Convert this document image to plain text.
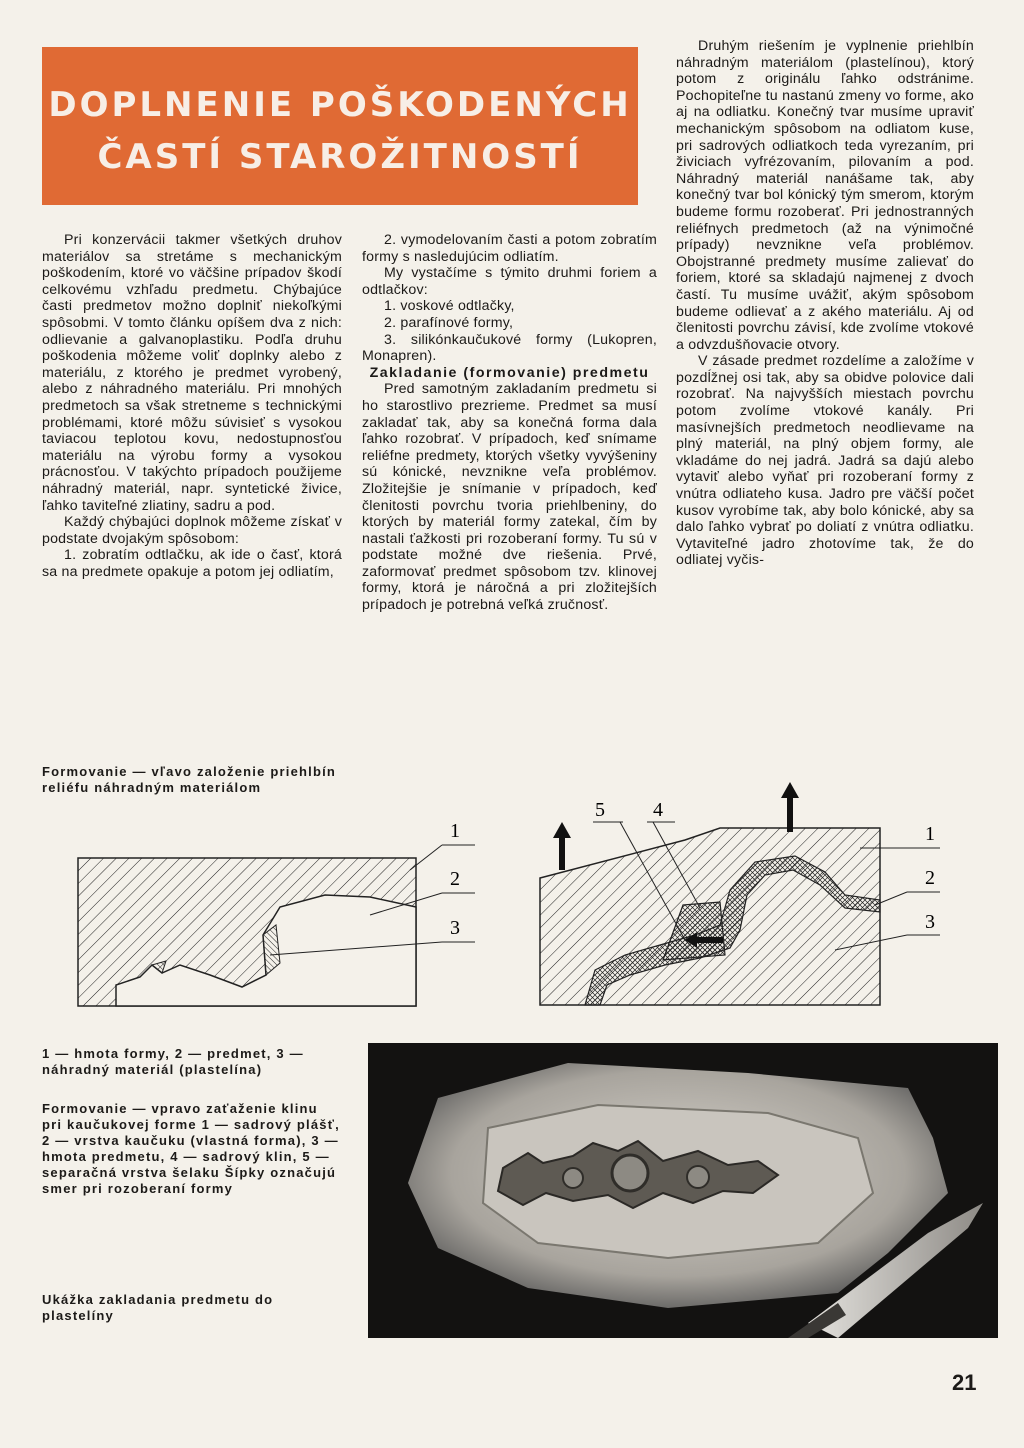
DOPLNENIE POŠKODENÝCH
ČASTÍ STAROŽITNOSTÍ

Pri konzervácii takmer všetkých druhov materiálov sa stretáme s mechanickým poškodením, ktoré vo väčšine prípadov škodí celkovému vzhľadu predmetu. Chýbajúce časti predmetov možno doplniť niekoľkými spôsobmi. V tomto článku opíšem dva z nich: odlievanie a galvanoplastiku. Podľa druhu poškodenia môžeme voliť doplnky alebo z materiálu, z ktorého je predmet vyrobený, alebo z náhradného materiálu. Pri mnohých predmetoch sa však stretneme s technickými problémami, ktoré môžu súvisieť s vysokou taviacou teplotou kovu, nedostupnosťou materiálu na výrobu formy a vysokou prácnosťou. V takýchto prípadoch použijeme náhradný materiál, napr. syntetické živice, ľahko taviteľné zliatiny, sadru a pod.

Každý chýbajúci doplnok môžeme získať v podstate dvojakým spôsobom:

1. zobratím odtlačku, ak ide o časť, ktorá sa na predmete opakuje a potom jej odliatím,

2. vymodelovaním časti a potom zobratím formy s nasledujúcim odliatím.

My vystačíme s týmito druhmi foriem a odtlačkov:

1. voskové odtlačky,

2. parafínové formy,

3. silikónkaučukové formy (Lukopren, Monapren).

Zakladanie (formovanie) predmetu

Pred samotným zakladaním predmetu si ho starostlivo prezrieme. Predmet sa musí zakladať tak, aby sa konečná forma dala ľahko rozobrať. V prípadoch, keď snímame reliéfne predmety, ktorých všetky vyvýšeniny sú kónické, nevznikne veľa problémov. Zložitejšie je snímanie v prípadoch, keď členitosti povrchu tvoria priehlbeniny, do ktorých by materiál formy zatekal, čím by nastali ťažkosti pri rozoberaní formy. Tu sú v podstate možné dve riešenia. Prvé, zaformovať predmet spôsobom tzv. klinovej formy, ktorá je náročná a pri zložitejších prípadoch je potrebná veľká zručnosť.

Druhým riešením je vyplnenie priehlbín náhradným materiálom (plastelínou), ktorý potom z originálu ľahko odstránime. Pochopiteľne tu nastanú zmeny vo forme, ako aj na odliatku. Konečný tvar musíme upraviť mechanickým spôsobom na odliatom kuse, pri sadrových odliatkoch teda vyrezaním, pri živiciach vyfrézovaním, pilovaním a pod. Náhradný materiál nanášame tak, aby konečný tvar bol kónický tým smerom, ktorým budeme formu rozoberať. Pri jednostranných reliéfnych predmetoch (až na výnimočné prípady) nevznikne veľa problémov. Obojstranné predmety musíme zalievať do foriem, ktoré sa skladajú najmenej z dvoch častí. Tu musíme uvážiť, akým spôsobom budeme odlievať a z akého materiálu. Aj od členitosti povrchu závisí, kde zvolíme vtokové a odvzdušňovacie otvory.

V zásade predmet rozdelíme a založíme v pozdĺžnej osi tak, aby sa obidve polovice dali rozobrať. Na najvyšších miestach povrchu potom zvolíme vtokové kanály. Pri masívnejších predmetoch neodlievame na plný materiál, na plný objem formy, ale vkladáme do nej jadrá. Jadrá sa dajú alebo vytaviť alebo vyňať pri rozoberaní formy z vnútra odliateho kusa. Jadro pre väčší počet kusov vyrobíme tak, aby bolo kónické, aby sa dalo ľahko vybrať po doliatí z vnútra odliatku. Vytaviteľné jadro zhotovíme tak, že do odliatej vyčis-

Formovanie — vľavo založenie priehlbín reliéfu náhradným materiálom

1 — hmota formy, 2 — predmet, 3 — náhradný materiál (plastelína)

Formovanie — vpravo zaťaženie klinu pri kaučukovej forme 1 — sadrový plášť, 2 — vrstva kaučuku (vlastná forma), 3 — hmota predmetu, 4 — sadrový klin, 5 — separačná vrstva šelaku Šípky označujú smer pri rozoberaní formy

Ukážka zakladania predmetu do plastelíny

1
2
3
5 4
1
2
3
21
